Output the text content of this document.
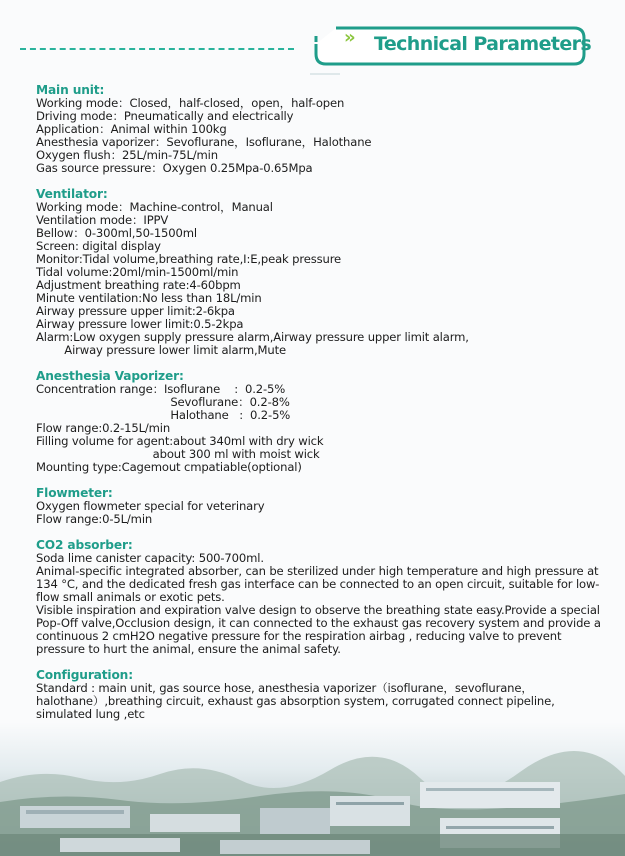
» Technical Parameters
Main unit:
Working mode：Closed，half-closed，open，half-open
Driving mode：Pneumatically and electrically
Application：Animal within 100kg
Anesthesia vaporizer：Sevoflurane，Isoflurane，Halothane
Oxygen flush：25L/min-75L/min
Gas source pressure：Oxygen 0.25Mpa-0.65Mpa
Ventilator:
Working mode：Machine-control，Manual
Ventilation mode：IPPV
Bellow：0-300ml,50-1500ml
Screen: digital display
Monitor:Tidal volume,breathing rate,I:E,peak pressure
Tidal volume:20ml/min-1500ml/min
Adjustment breathing rate:4-60bpm
Minute ventilation:No less than 18L/min
Airway pressure upper limit:2-6kpa
Airway pressure lower limit:0.5-2kpa
Alarm:Low oxygen supply pressure alarm,Airway pressure upper limit alarm,
Airway pressure lower limit alarm,Mute
Anesthesia Vaporizer:
Concentration range：Isoflurane    :  0.2-5%
Sevoflurane：0.2-8%
Halothane   :  0.2-5%
Flow range:0.2-15L/min
Filling volume for agent:about 340ml with dry wick
about 300 ml with moist wick
Mounting type:Cagemout cmpatiable(optional)
Flowmeter:
Oxygen flowmeter special for veterinary
Flow range:0-5L/min
CO2 absorber:
Soda lime canister capacity: 500-700ml.
Animal-specific integrated absorber, can be sterilized under high temperature and high pressure at 134 °C, and the dedicated fresh gas interface can be connected to an open circuit, suitable for low-flow small animals or exotic pets.
Visible inspiration and expiration valve design to observe the breathing state easy.Provide a special Pop-Off valve,Occlusion design, it can connected to the exhaust gas recovery system and provide a continuous 2 cmH2O negative pressure for the respiration airbag , reducing valve to prevent pressure to hurt the animal, ensure the animal safety.
Configuration:
Standard : main unit, gas source hose, anesthesia vaporizer（isoflurane，sevoflurane，halothane）,breathing circuit, exhaust gas absorption system, corrugated connect pipeline, simulated lung ,etc
